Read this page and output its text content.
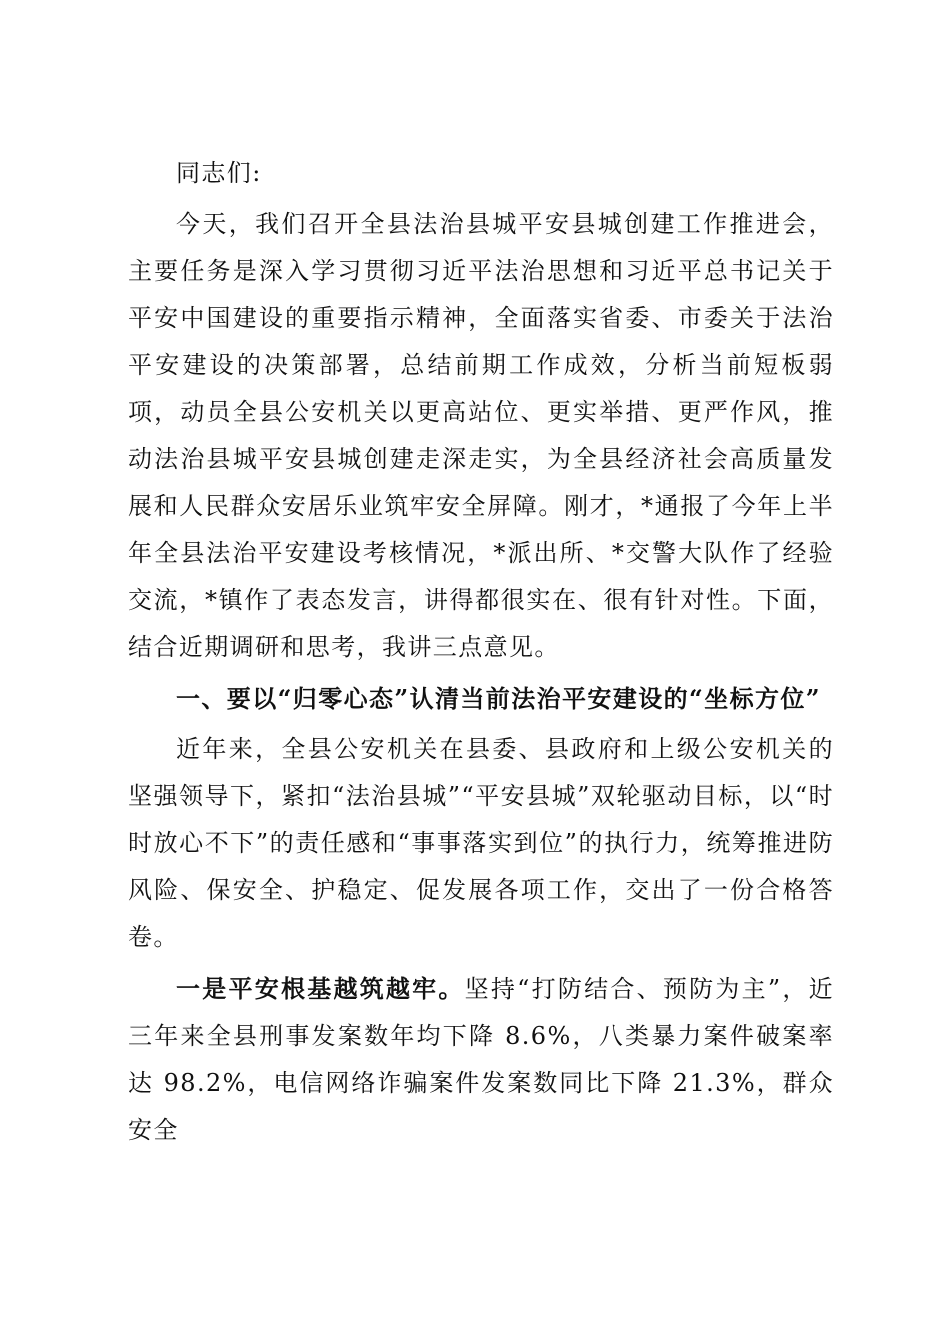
同志们:

今天，我们召开全县法治县城平安县城创建工作推进会，主要任务是深入学习贯彻习近平法治思想和习近平总书记关于平安中国建设的重要指示精神，全面落实省委、市委关于法治平安建设的决策部署，总结前期工作成效，分析当前短板弱项，动员全县公安机关以更高站位、更实举措、更严作风，推动法治县城平安县城创建走深走实，为全县经济社会高质量发展和人民群众安居乐业筑牢安全屏障。刚才，*通报了今年上半年全县法治平安建设考核情况，*派出所、*交警大队作了经验交流，*镇作了表态发言，讲得都很实在、很有针对性。下面，结合近期调研和思考，我讲三点意见。

一、要以“归零心态”认清当前法治平安建设的“坐标方位”

近年来，全县公安机关在县委、县政府和上级公安机关的坚强领导下，紧扣“法治县城”“平安县城”双轮驱动目标，以“时时放心不下”的责任感和“事事落实到位”的执行力，统筹推进防风险、保安全、护稳定、促发展各项工作，交出了一份合格答卷。

一是平安根基越筑越牢。坚持“打防结合、预防为主”，近三年来全县刑事发案数年均下降 8.6%，八类暴力案件破案率达 98.2%，电信网络诈骗案件发案数同比下降 21.3%，群众安全
